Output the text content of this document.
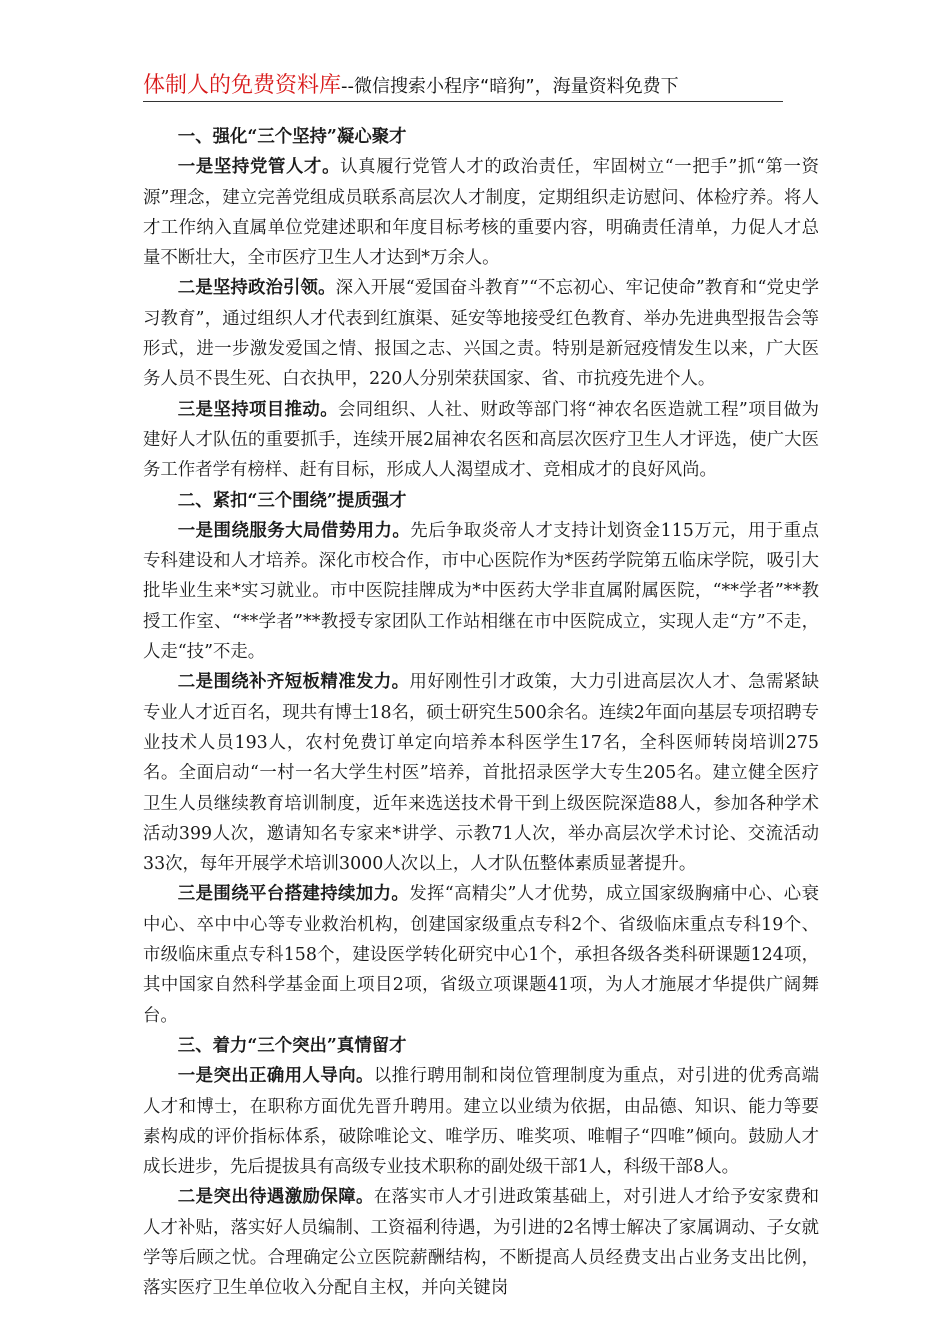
体制人的免费资料库--微信搜索小程序“暗狗”，海量资料免费下

一、强化“三个坚持”凝心聚才

一是坚持党管人才。认真履行党管人才的政治责任，牢固树立“一把手”抓“第一资源”理念，建立完善党组成员联系高层次人才制度，定期组织走访慰问、体检疗养。将人才工作纳入直属单位党建述职和年度目标考核的重要内容，明确责任清单，力促人才总量不断壮大，全市医疗卫生人才达到*万余人。

二是坚持政治引领。深入开展“爱国奋斗教育”“不忘初心、牢记使命”教育和“党史学习教育”，通过组织人才代表到红旗渠、延安等地接受红色教育、举办先进典型报告会等形式，进一步激发爱国之情、报国之志、兴国之责。特别是新冠疫情发生以来，广大医务人员不畏生死、白衣执甲，220人分别荣获国家、省、市抗疫先进个人。

三是坚持项目推动。会同组织、人社、财政等部门将“神农名医造就工程”项目做为建好人才队伍的重要抓手，连续开展2届神农名医和高层次医疗卫生人才评选，使广大医务工作者学有榜样、赶有目标，形成人人渴望成才、竞相成才的良好风尚。

二、紧扣“三个围绕”提质强才

一是围绕服务大局借势用力。先后争取炎帝人才支持计划资金115万元，用于重点专科建设和人才培养。深化市校合作，市中心医院作为*医药学院第五临床学院，吸引大批毕业生来*实习就业。市中医院挂牌成为*中医药大学非直属附属医院，“**学者”**教授工作室、“**学者”**教授专家团队工作站相继在市中医院成立，实现人走“方”不走，人走“技”不走。

二是围绕补齐短板精准发力。用好刚性引才政策，大力引进高层次人才、急需紧缺专业人才近百名，现共有博士18名，硕士研究生500余名。连续2年面向基层专项招聘专业技术人员193人，农村免费订单定向培养本科医学生17名，全科医师转岗培训275名。全面启动“一村一名大学生村医”培养，首批招录医学大专生205名。建立健全医疗卫生人员继续教育培训制度，近年来选送技术骨干到上级医院深造88人，参加各种学术活动399人次，邀请知名专家来*讲学、示教71人次，举办高层次学术讨论、交流活动33次，每年开展学术培训3000人次以上，人才队伍整体素质显著提升。

三是围绕平台搭建持续加力。发挥“高精尖”人才优势，成立国家级胸痛中心、心衰中心、卒中中心等专业救治机构，创建国家级重点专科2个、省级临床重点专科19个、市级临床重点专科158个，建设医学转化研究中心1个，承担各级各类科研课题124项，其中国家自然科学基金面上项目2项，省级立项课题41项，为人才施展才华提供广阔舞台。

三、着力“三个突出”真情留才

一是突出正确用人导向。以推行聘用制和岗位管理制度为重点，对引进的优秀高端人才和博士，在职称方面优先晋升聘用。建立以业绩为依据，由品德、知识、能力等要素构成的评价指标体系，破除唯论文、唯学历、唯奖项、唯帽子“四唯”倾向。鼓励人才成长进步，先后提拔具有高级专业技术职称的副处级干部1人，科级干部8人。

二是突出待遇激励保障。在落实市人才引进政策基础上，对引进人才给予安家费和人才补贴，落实好人员编制、工资福利待遇，为引进的2名博士解决了家属调动、子女就学等后顾之忧。合理确定公立医院薪酬结构，不断提高人员经费支出占业务支出比例，落实医疗卫生单位收入分配自主权，并向关键岗
